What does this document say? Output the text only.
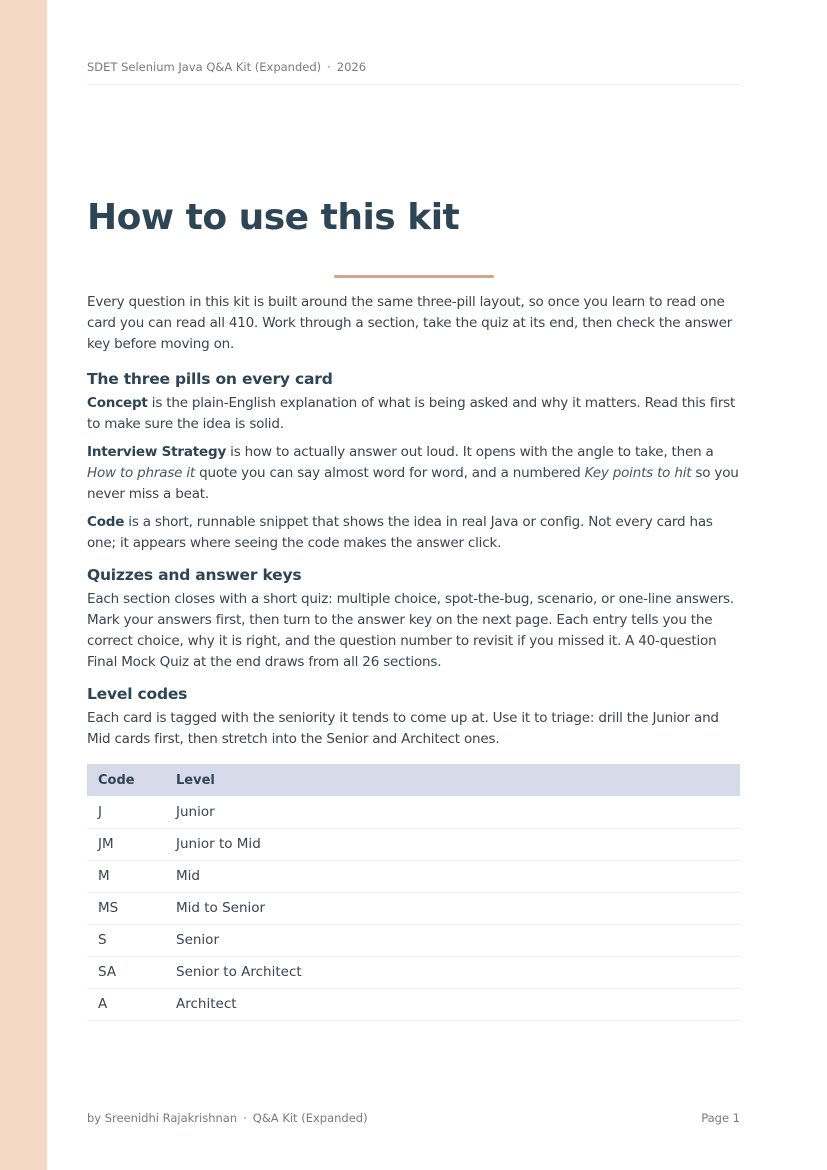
SDET Selenium Java Q&A Kit (Expanded) · 2026
How to use this kit

Every question in this kit is built around the same three-pill layout, so once you learn to read one card you can read all 410. Work through a section, take the quiz at its end, then check the answer key before moving on.

The three pills on every card

Concept is the plain-English explanation of what is being asked and why it matters. Read this first to make sure the idea is solid.

Interview Strategy is how to actually answer out loud. It opens with the angle to take, then a How to phrase it quote you can say almost word for word, and a numbered Key points to hit so you never miss a beat.

Code is a short, runnable snippet that shows the idea in real Java or config. Not every card has one; it appears where seeing the code makes the answer click.

Quizzes and answer keys

Each section closes with a short quiz: multiple choice, spot-the-bug, scenario, or one-line answers. Mark your answers first, then turn to the answer key on the next page. Each entry tells you the correct choice, why it is right, and the question number to revisit if you missed it. A 40-question Final Mock Quiz at the end draws from all 26 sections.

Level codes

Each card is tagged with the seniority it tends to come up at. Use it to triage: drill the Junior and Mid cards first, then stretch into the Senior and Architect ones.

Code	Level
J	Junior
JM	Junior to Mid
M	Mid
MS	Mid to Senior
S	Senior
SA	Senior to Architect
A	Architect
by Sreenidhi Rajakrishnan · Q&A Kit (Expanded)	Page 1
